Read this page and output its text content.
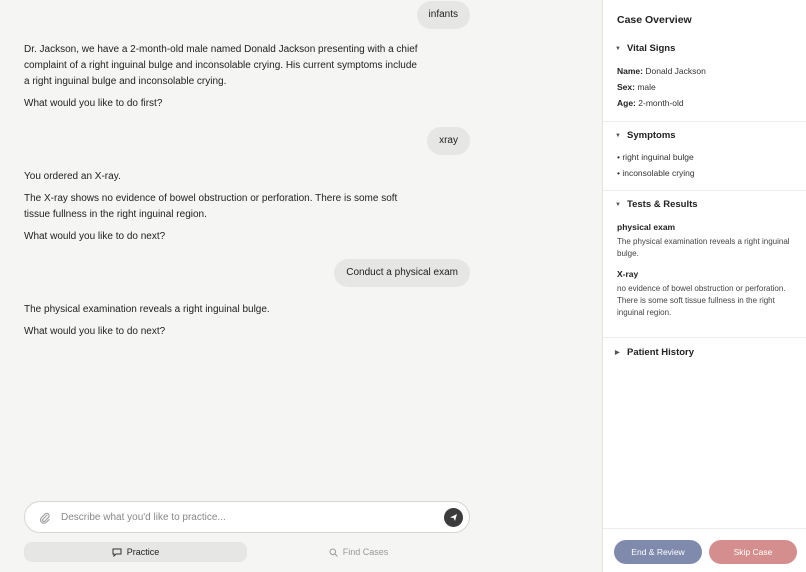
infants

Dr. Jackson, we have a 2-month-old male named Donald Jackson presenting with a chief complaint of a right inguinal bulge and inconsolable crying. His current symptoms include a right inguinal bulge and inconsolable crying.

What would you like to do first?

xray

You ordered an X-ray.

The X-ray shows no evidence of bowel obstruction or perforation. There is some soft tissue fullness in the right inguinal region.

What would you like to do next?

Conduct a physical exam

The physical examination reveals a right inguinal bulge.

What would you like to do next?

Describe what you'd like to practice...
Practice	Find Cases
Case Overview
▼ Vital Signs
Name: Donald Jackson
Sex: male
Age: 2-month-old
▼ Symptoms
• right inguinal bulge
• inconsolable crying
▼ Tests & Results
physical exam
The physical examination reveals a right inguinal bulge.
X-ray
no evidence of bowel obstruction or perforation. There is some soft tissue fullness in the right inguinal region.
▶ Patient History
End & Review	Skip Case
